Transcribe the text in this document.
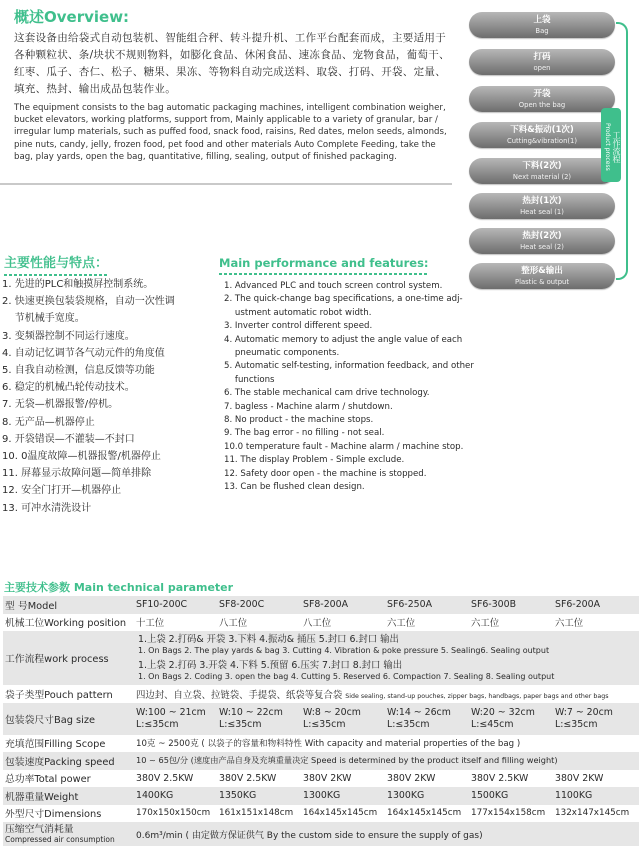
概述Overview:
这套设备由给袋式自动包装机、智能组合秤、转斗提升机、工作平台配套而成，主要适用于各种颗粒状、条/块状不规则物料，如膨化食品、休闲食品、速冻食品、宠物食品，葡萄干、红枣、瓜子、杏仁、松子、糖果、果冻、等物料自动完成送料、取袋、打码、开袋、定量、填充、热封、输出成品包装作业。
The equipment consists to the bag automatic packaging machines, intelligent combination weigher, bucket elevators, working platforms, support from, Mainly applicable to a variety of granular, bar / irregular lump materials, such as puffed food, snack food, raisins, Red dates, melon seeds, almonds, pine nuts, candy, jelly, frozen food, pet food and other materials Auto Complete Feeding, take the bag, play yards, open the bag, quantitative, filling, sealing, output of finished packaging.
上袋
Bag
打码
open
开袋
Open the bag
下料&振动(1次)
Cutting&vibration(1)
下料(2次)
Next material (2)
热封(1次)
Heat seal (1)
热封(2次)
Heat seal (2)
整形&输出
Plastic & output
工作流程
Product process
主要性能与特点：	Main performance and features:
1. 先进的PLC和触摸屏控制系统。
2. 快速更换包装袋规格，自动一次性调
节机械手宽度。
3. 变频器控制不同运行速度。
4. 自动记忆调节各气动元件的角度值
5. 自我自动检测，信息反馈等功能
6. 稳定的机械凸轮传动技术。
7. 无袋—机器报警/停机。
8. 无产品—机器停止
9. 开袋错误—不灌装—不封口
10. 0温度故障—机器报警/机器停止
11. 屏幕显示故障问题—简单排除
12. 安全门打开—机器停止
13. 可冲水清洗设计
1. Advanced PLC and touch screen control system.
2. The quick-change bag specifications, a one-time adj-
ustment automatic robot width.
3. Inverter control different speed.
4. Automatic memory to adjust the angle value of each
pneumatic components.
5. Automatic self-testing, information feedback, and other
functions
6. The stable mechanical cam drive technology.
7. bagless - Machine alarm / shutdown.
8. No product - the machine stops.
9. The bag error - no filling - not seal.
10.0 temperature fault - Machine alarm / machine stop.
11. The display Problem - Simple exclude.
12. Safety door open - the machine is stopped.
13. Can be flushed clean design.
主要技术参数 Main technical parameter
型 号Model	SF10-200C	SF8-200C	SF8-200A	SF6-250A	SF6-300B	SF6-200A
机械工位Working position	十工位	八工位	八工位	六工位	六工位	六工位
工作流程work process	1.上袋 2.打码& 开袋 3.下料 4.振动& 捅压 5.封口 6.封口 输出
1. On Bags 2. The play yards & bag 3. Cutting 4. Vibration & poke pressure 5. Sealing6. Sealing output
1.上袋 2.打码 3.开袋 4.下料 5.预留 6.压实 7.封口 8.封口 输出
1. On Bags 2. Coding 3. open the bag 4. Cutting 5. Reserved 6. Compaction 7. Sealing 8. Sealing output					

袋子类型Pouch pattern	四边封、自立袋、拉链袋、手提袋、纸袋等复合袋 Side sealing, stand-up pouches, zipper bags, handbags, paper bags and other bags					
包装袋尺寸Bag size	W:100 ~ 21cm
L:≤35cm	W:10 ~ 22cm
L:≤35cm	W:8 ~ 20cm
L:≤35cm	W:14 ~ 26cm
L:≤35cm	W:20 ~ 32cm
L:≤45cm	W:7 ~ 20cm
L:≤35cm

充填范围Filling Scope	10克 ~ 2500克 ( 以袋子的容量和物料特性 With capacity and material properties of the bag )					
包装速度Packing speed	10 ~ 65包/分 (速度由产品自身及充填重量决定 Speed is determined by the product itself and filling weight)					
总功率Total power	380V 2.5KW	380V 2.5KW	380V 2KW	380V 2KW	380V 2.5KW	380V 2KW
机器重量Weight	1400KG	1350KG	1300KG	1300KG	1500KG	1100KG
外型尺寸Dimensions	170x150x150cm	161x151x148cm	164x145x145cm	164x145x145cm	177x154x158cm	132x147x145cm

压缩空气消耗量
Compressed air consumption	0.6m³/min ( 由定做方保证供气 By the custom side to ensure the supply of gas)					
